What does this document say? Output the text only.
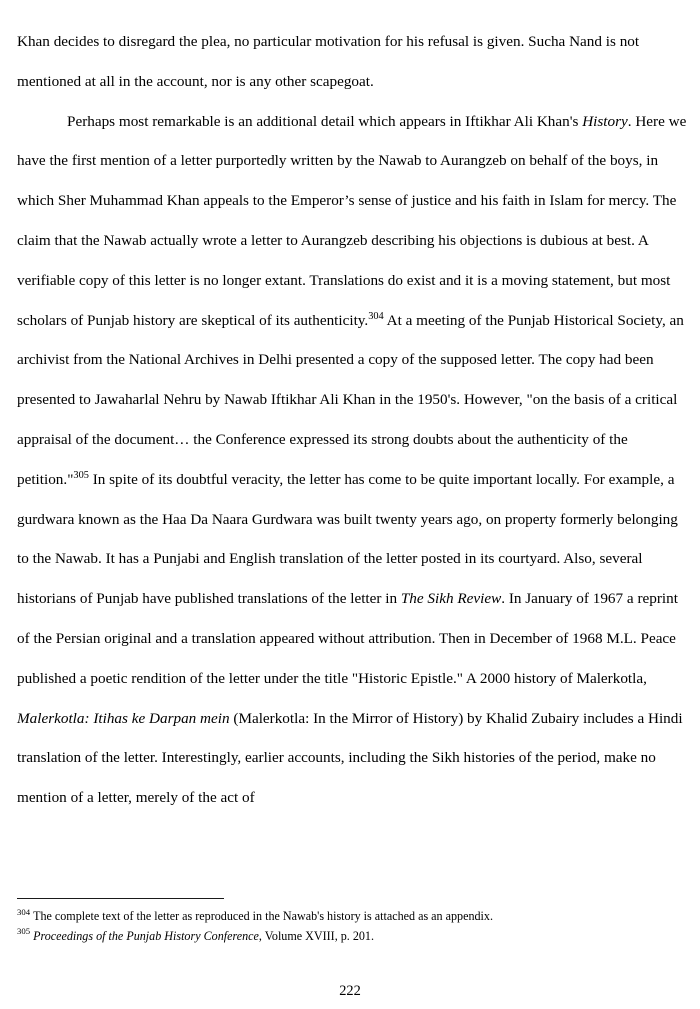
Khan decides to disregard the plea, no particular motivation for his refusal is given. Sucha Nand is not mentioned at all in the account, nor is any other scapegoat.

Perhaps most remarkable is an additional detail which appears in Iftikhar Ali Khan's History. Here we have the first mention of a letter purportedly written by the Nawab to Aurangzeb on behalf of the boys, in which Sher Muhammad Khan appeals to the Emperor’s sense of justice and his faith in Islam for mercy. The claim that the Nawab actually wrote a letter to Aurangzeb describing his objections is dubious at best. A verifiable copy of this letter is no longer extant. Translations do exist and it is a moving statement, but most scholars of Punjab history are skeptical of its authenticity.$^{304}$ At a meeting of the Punjab Historical Society, an archivist from the National Archives in Delhi presented a copy of the supposed letter. The copy had been presented to Jawaharlal Nehru by Nawab Iftikhar Ali Khan in the 1950's. However, "on the basis of a critical appraisal of the document… the Conference expressed its strong doubts about the authenticity of the petition."$^{305}$ In spite of its doubtful veracity, the letter has come to be quite important locally. For example, a gurdwara known as the Haa Da Naara Gurdwara was built twenty years ago, on property formerly belonging to the Nawab. It has a Punjabi and English translation of the letter posted in its courtyard. Also, several historians of Punjab have published translations of the letter in The Sikh Review. In January of 1967 a reprint of the Persian original and a translation appeared without attribution. Then in December of 1968 M.L. Peace published a poetic rendition of the letter under the title "Historic Epistle." A 2000 history of Malerkotla, Malerkotla: Itihas ke Darpan mein (Malerkotla: In the Mirror of History) by Khalid Zubairy includes a Hindi translation of the letter. Interestingly, earlier accounts, including the Sikh histories of the period, make no mention of a letter, merely of the act of

$^{304}$ The complete text of the letter as reproduced in the Nawab's history is attached as an appendix.

$^{305}$ Proceedings of the Punjab History Conference, Volume XVIII, p. 201.

222
